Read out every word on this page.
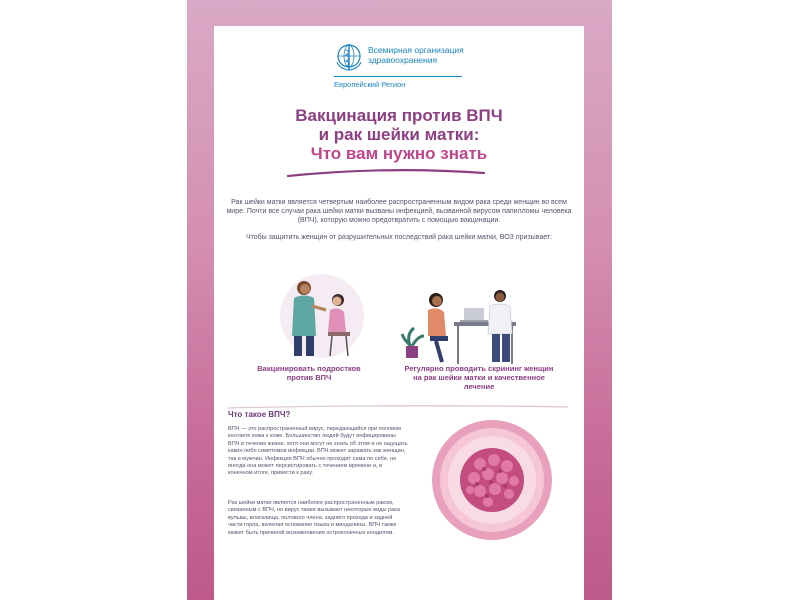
Всемирная организация
здравоохранения
Европейский Регион
Вакцинация против ВПЧ
и рак шейки матки:
Что вам нужно знать
Рак шейки матки является четвертым наиболее распространенным видом рака среди женщин во всем мире. Почти все случаи рака шейки матки вызваны инфекцией, вызванной вирусом папилломы человека (ВПЧ), которую можно предотвратить с помощью вакцинации.
Чтобы защитить женщин от разрушительных последствий рака шейки матки, ВОЗ призывает:
Вакцинировать подростков против ВПЧ
Регулярно проводить скрининг женщин на рак шейки матки и качественное лечение
Что такое ВПЧ?
ВПЧ — это распространенный вирус, передающийся при половом контакте кожа к коже. Большинство людей будут инфицированы ВПЧ в течение жизни, хотя они могут не знать об этом и не ощущать каких-либо симптомов инфекции. ВПЧ может заражать как женщин, так и мужчин. Инфекция ВПЧ обычно проходит сама по себе, но иногда она может персистировать с течением времени и, в конечном итоге, привести к раку.
Рак шейки матки является наиболее распространенным раком, связанным с ВПЧ, но вирус также вызывает некоторые виды рака вульвы, влагалища, полового члена, заднего прохода и задней части горла, включая основание языка и миндалины. ВПЧ также может быть причиной возникновения остроконечных кондилом.
